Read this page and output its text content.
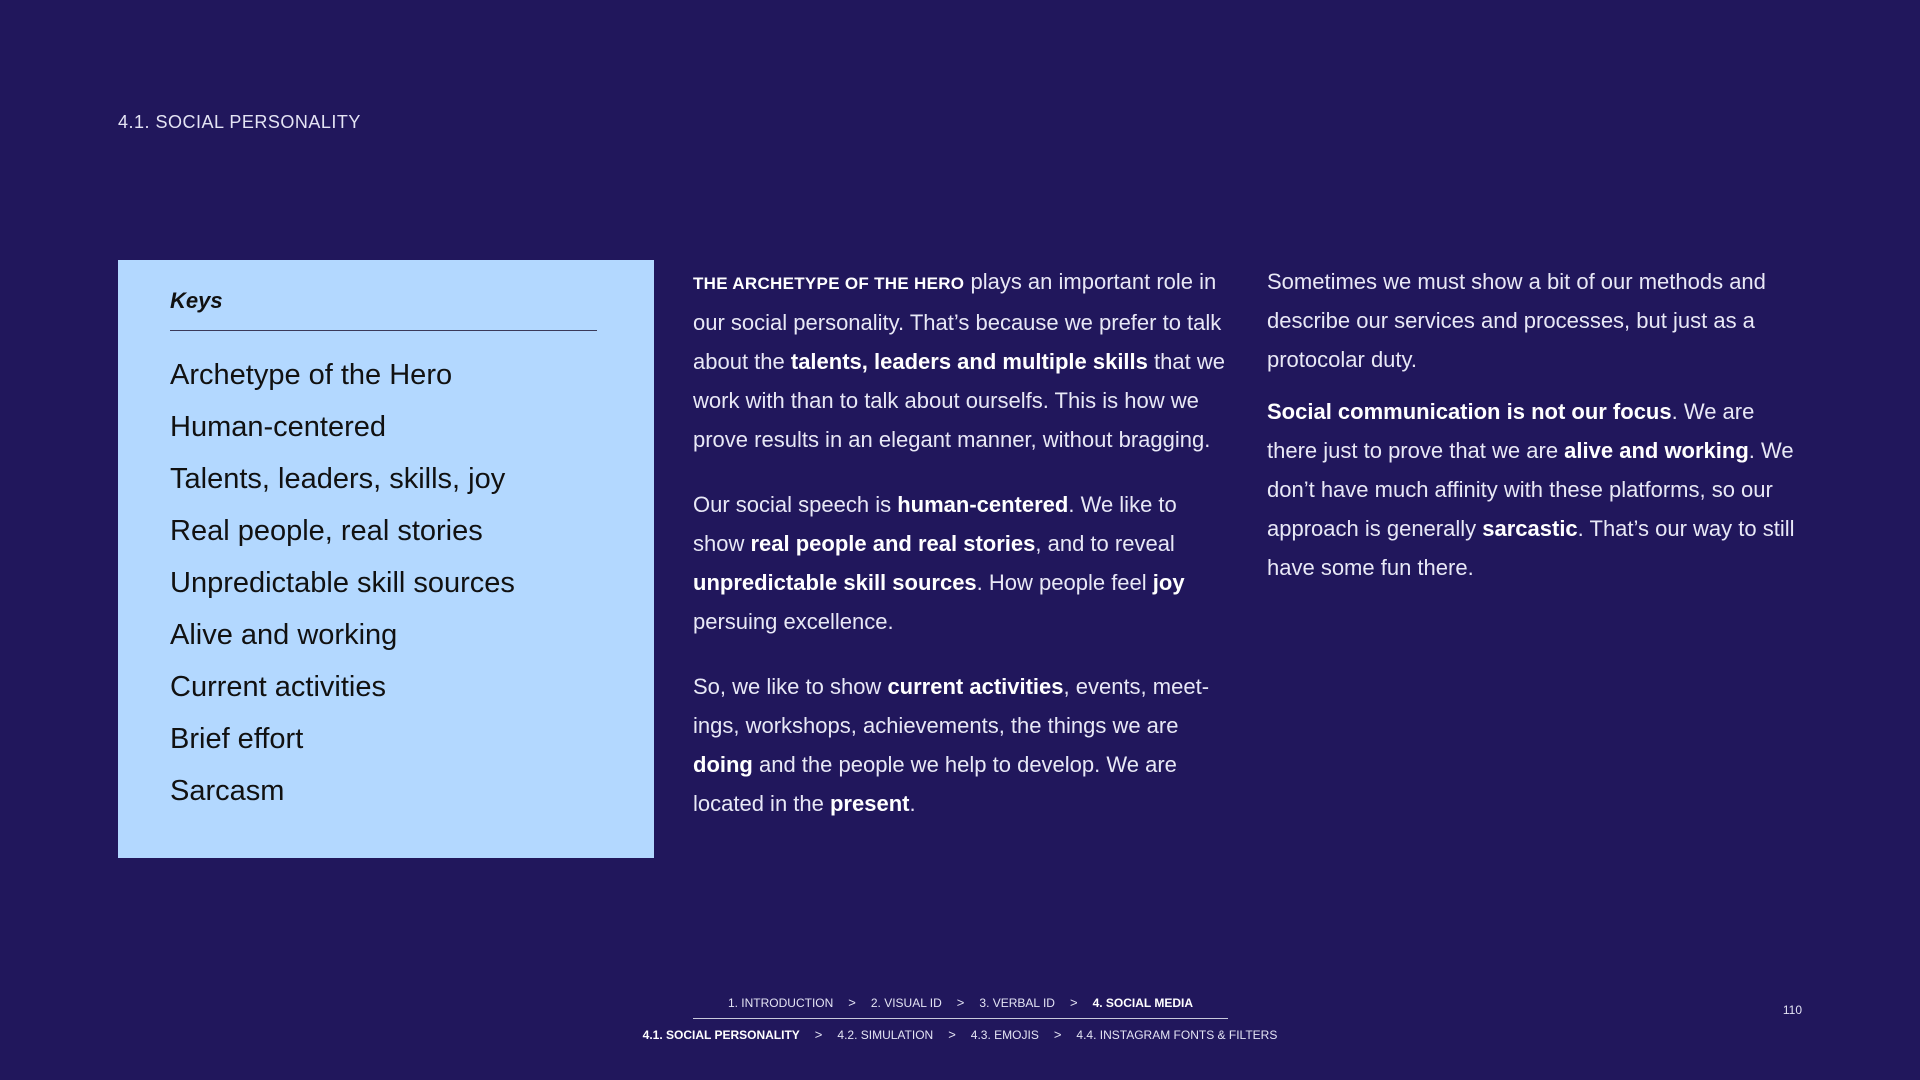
4.1. SOCIAL PERSONALITY
Keys
Archetype of the Hero
Human-centered
Talents, leaders, skills, joy
Real people, real stories
Unpredictable skill sources
Alive and working
Current activities
Brief effort
Sarcasm

THE ARCHETYPE OF THE HERO plays an important role in our social personality. That’s because we prefer to talk about the talents, leaders and multiple skills that we work with than to talk about ourselfs. This is how we prove results in an elegant manner, without bragging.

Our social speech is human-centered. We like to show real people and real stories, and to reveal unpredictable skill sources. How people feel joy persuing excellence.

So, we like to show current activities, events, meet-ings, workshops, achievements, the things we are doing and the people we help to develop. We are located in the present.

Sometimes we must show a bit of our methods and describe our services and processes, but just as a protocolar duty.

Social communication is not our focus. We are there just to prove that we are alive and working. We don’t have much affinity with these platforms, so our approach is generally sarcastic. That’s our way to still have some fun there.

1. INTRODUCTION > 2. VISUAL ID > 3. VERBAL ID > 4. SOCIAL MEDIA
4.1. SOCIAL PERSONALITY > 4.2. SIMULATION > 4.3. EMOJIS > 4.4. INSTAGRAM FONTS & FILTERS
110
